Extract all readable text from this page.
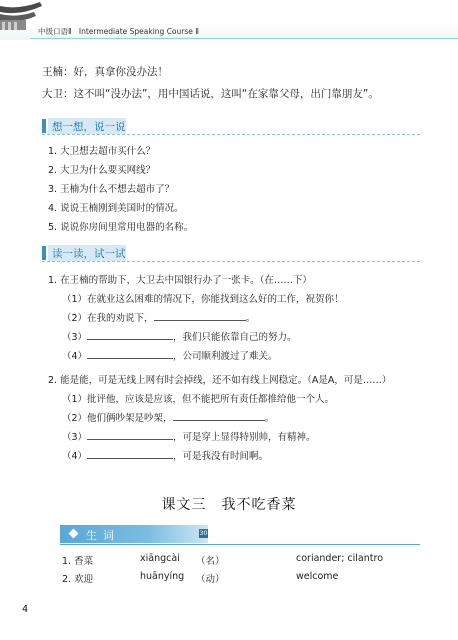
中级口语Ⅱ Intermediate Speaking Course Ⅱ
王楠：好，真拿你没办法！
大卫：这不叫“没办法”，用中国话说，这叫“在家靠父母，出门靠朋友”。
想一想，说一说
1. 大卫想去超市买什么？
2. 大卫为什么要买网线？
3. 王楠为什么不想去超市了？
4. 说说王楠刚到美国时的情况。
5. 说说你房间里常用电器的名称。
读一读，试一试
1. 在王楠的帮助下，大卫去中国银行办了一张卡。（在……下）
（1）在就业这么困难的情况下，你能找到这么好的工作，祝贺你！
（2）在我的劝说下，	。
（3）	，我们只能依靠自己的努力。
（4）	，公司顺利渡过了难关。
2. 能是能，可是无线上网有时会掉线，还不如有线上网稳定。（A是A，可是……）
（1）批评他，应该是应该，但不能把所有责任都推给他一个人。
（2）他们俩吵架是吵架，	。
（3）	，可是穿上显得特别帅，有精神。
（4）	，可是我没有时间啊。
课文三　我不吃香菜
生词	30
1. 香菜	xiāngcài （名）	coriander; cilantro
2. 欢迎	huānyíng （动）	welcome
4
